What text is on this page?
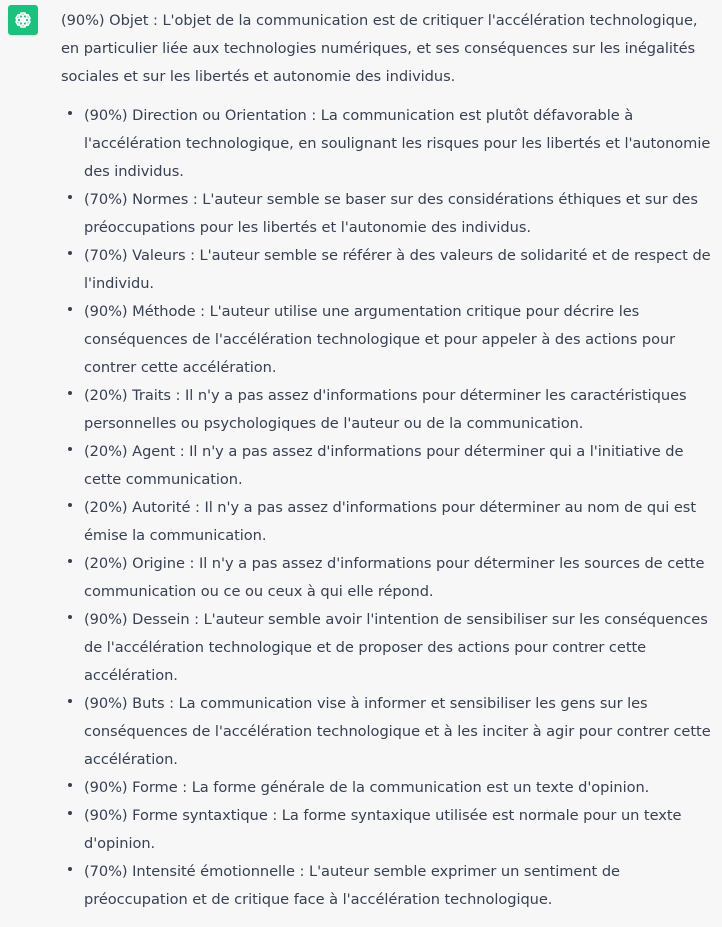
(90%) Objet : L'objet de la communication est de critiquer l'accélération technologique, en particulier liée aux technologies numériques, et ses conséquences sur les inégalités sociales et sur les libertés et autonomie des individus.

(90%) Direction ou Orientation : La communication est plutôt défavorable à l'accélération technologique, en soulignant les risques pour les libertés et l'autonomie des individus.
(70%) Normes : L'auteur semble se baser sur des considérations éthiques et sur des préoccupations pour les libertés et l'autonomie des individus.
(70%) Valeurs : L'auteur semble se référer à des valeurs de solidarité et de respect de l'individu.
(90%) Méthode : L'auteur utilise une argumentation critique pour décrire les conséquences de l'accélération technologique et pour appeler à des actions pour contrer cette accélération.
(20%) Traits : Il n'y a pas assez d'informations pour déterminer les caractéristiques personnelles ou psychologiques de l'auteur ou de la communication.
(20%) Agent : Il n'y a pas assez d'informations pour déterminer qui a l'initiative de cette communication.
(20%) Autorité : Il n'y a pas assez d'informations pour déterminer au nom de qui est émise la communication.
(20%) Origine : Il n'y a pas assez d'informations pour déterminer les sources de cette communication ou ce ou ceux à qui elle répond.
(90%) Dessein : L'auteur semble avoir l'intention de sensibiliser sur les conséquences de l'accélération technologique et de proposer des actions pour contrer cette accélération.
(90%) Buts : La communication vise à informer et sensibiliser les gens sur les conséquences de l'accélération technologique et à les inciter à agir pour contrer cette accélération.
(90%) Forme : La forme générale de la communication est un texte d'opinion.
(90%) Forme syntaxtique : La forme syntaxique utilisée est normale pour un texte d'opinion.
(70%) Intensité émotionnelle : L'auteur semble exprimer un sentiment de préoccupation et de critique face à l'accélération technologique.
